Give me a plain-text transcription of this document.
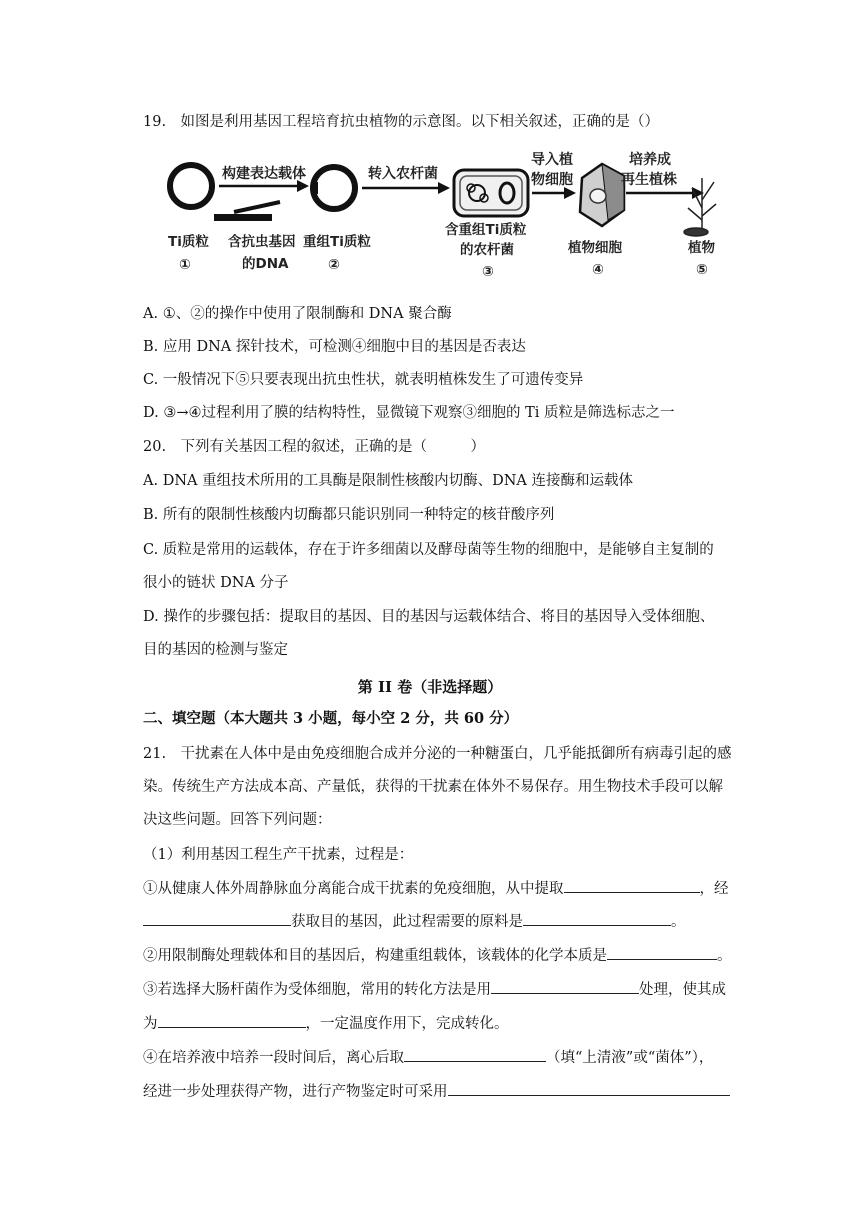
19.　如图是利用基因工程培育抗虫植物的示意图。以下相关叙述，正确的是（）
构建表达载体	转入农杆菌
导入植
物细胞
培养成
再生植株
Ti质粒
①
含抗虫基因
的DNA
重组Ti质粒
②
含重组Ti质粒
的农杆菌
③
植物细胞
④
植物
⑤
A. ①、②的操作中使用了限制酶和 DNA 聚合酶
B. 应用 DNA 探针技术，可检测④细胞中目的基因是否表达
C. 一般情况下⑤只要表现出抗虫性状，就表明植株发生了可遗传变异
D. ③→④过程利用了膜的结构特性，显微镜下观察③细胞的 Ti 质粒是筛选标志之一
20.　下列有关基因工程的叙述，正确的是（　　　）
A. DNA 重组技术所用的工具酶是限制性核酸内切酶、DNA 连接酶和运载体
B. 所有的限制性核酸内切酶都只能识别同一种特定的核苷酸序列
C. 质粒是常用的运载体，存在于许多细菌以及酵母菌等生物的细胞中，是能够自主复制的
很小的链状 DNA 分子
D. 操作的步骤包括：提取目的基因、目的基因与运载体结合、将目的基因导入受体细胞、
目的基因的检测与鉴定
第 II 卷（非选择题）
二、填空题（本大题共 3 小题，每小空 2 分，共 60 分）
21.　干扰素在人体中是由免疫细胞合成并分泌的一种糖蛋白，几乎能抵御所有病毒引起的感
染。传统生产方法成本高、产量低，获得的干扰素在体外不易保存。用生物技术手段可以解
决这些问题。回答下列问题：
（1）利用基因工程生产干扰素，过程是：
①从健康人体外周静脉血分离能合成干扰素的免疫细胞，从中提取	，经
获取目的基因，此过程需要的原料是	。
②用限制酶处理载体和目的基因后，构建重组载体，该载体的化学本质是	。
③若选择大肠杆菌作为受体细胞，常用的转化方法是用	处理，使其成
为	，一定温度作用下，完成转化。
④在培养液中培养一段时间后，离心后取	（填“上清液”或“菌体”），
经进一步处理获得产物，进行产物鉴定时可采用
